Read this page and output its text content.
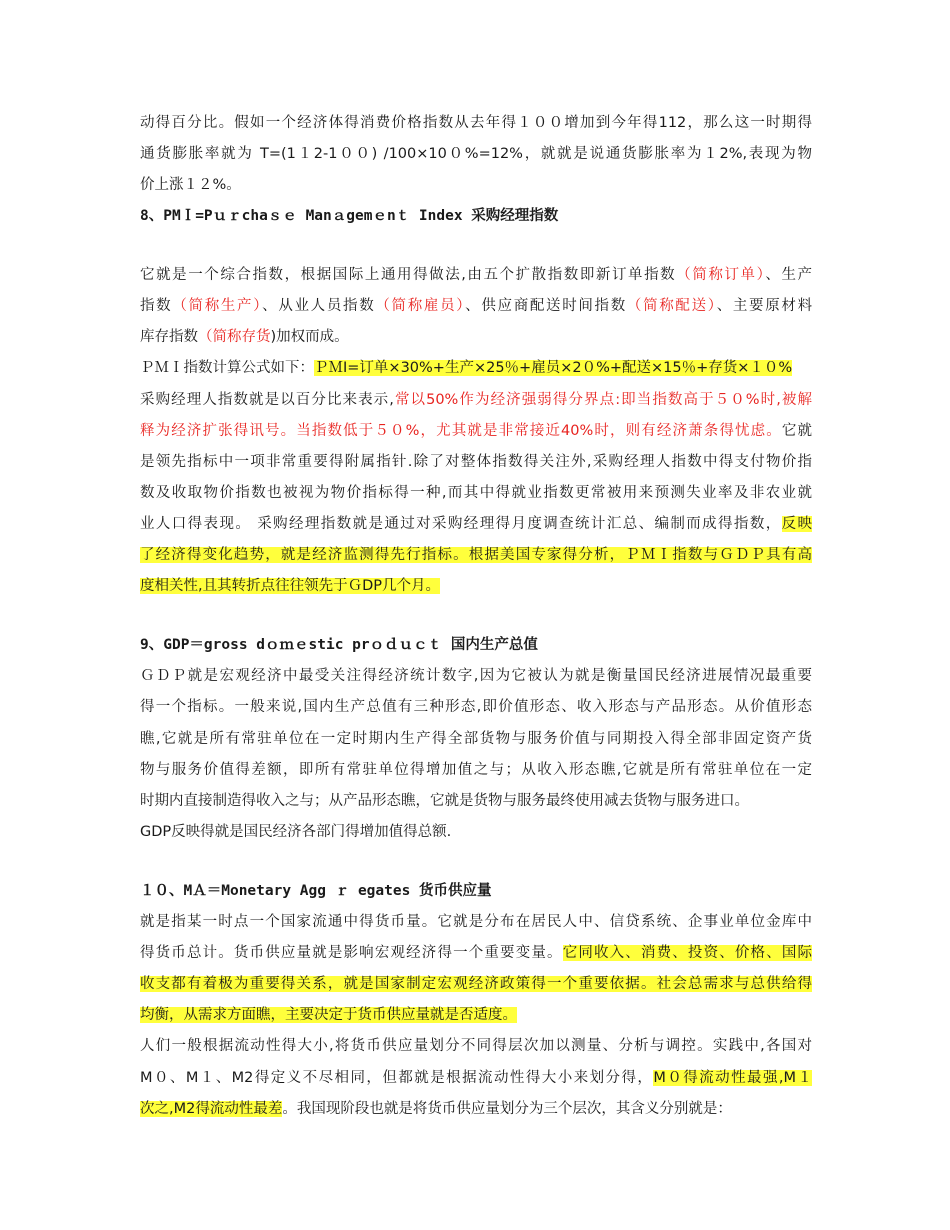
动得百分比。假如一个经济体得消费价格指数从去年得１００增加到今年得112，那么这一时期得
通货膨胀率就为 T=(1１2-1００) /100×10０%=12%，就就是说通货膨胀率为１2%,表现为物
价上涨１２%。
8、PMＩ=Pｕｒchaｓｅ Manａgemｅnｔ Index 采购经理指数
它就是一个综合指数，根据国际上通用得做法,由五个扩散指数即新订单指数（简称订单）、生产
指数（简称生产）、从业人员指数（简称雇员）、供应商配送时间指数（简称配送）、主要原材料
库存指数（简称存货)加权而成。
ＰＭＩ指数计算公式如下：ＰＭI=订单×30%+生产×25％+雇员×2０%+配送×15％+存货×１０%
采购经理人指数就是以百分比来表示,常以50%作为经济强弱得分界点:即当指数高于５０%时,被解
释为经济扩张得讯号。当指数低于５０%，尤其就是非常接近40%时，则有经济萧条得忧虑。它就
是领先指标中一项非常重要得附属指针.除了对整体指数得关注外,采购经理人指数中得支付物价指
数及收取物价指数也被视为物价指标得一种,而其中得就业指数更常被用来预测失业率及非农业就
业人口得表现。 采购经理指数就是通过对采购经理得月度调查统计汇总、编制而成得指数，反映
了经济得变化趋势，就是经济监测得先行指标。根据美国专家得分析，ＰＭＩ指数与ＧＤＰ具有高
度相关性,且其转折点往往领先于ＧDP几个月。
9、GDP＝gross dｏｍｅstic prｏｄｕｃｔ 国内生产总值
ＧＤＰ就是宏观经济中最受关注得经济统计数字,因为它被认为就是衡量国民经济进展情况最重要
得一个指标。一般来说,国内生产总值有三种形态,即价值形态、收入形态与产品形态。从价值形态
瞧,它就是所有常驻单位在一定时期内生产得全部货物与服务价值与同期投入得全部非固定资产货
物与服务价值得差额，即所有常驻单位得增加值之与；从收入形态瞧,它就是所有常驻单位在一定
时期内直接制造得收入之与；从产品形态瞧，它就是货物与服务最终使用减去货物与服务进口。
GDP反映得就是国民经济各部门得增加值得总额.
１０、MＡ＝Monetary Agg ｒ egates 货币供应量
就是指某一时点一个国家流通中得货币量。它就是分布在居民人中、信贷系统、企事业单位金库中
得货币总计。货币供应量就是影响宏观经济得一个重要变量。它同收入、消费、投资、价格、国际
收支都有着极为重要得关系，就是国家制定宏观经济政策得一个重要依据。社会总需求与总供给得
均衡，从需求方面瞧，主要决定于货币供应量就是否适度。
人们一般根据流动性得大小,将货币供应量划分不同得层次加以测量、分析与调控。实践中,各国对
M０、M１、M2得定义不尽相同，但都就是根据流动性得大小来划分得，M０得流动性最强,M１
次之,M2得流动性最差。我国现阶段也就是将货币供应量划分为三个层次，其含义分别就是：
